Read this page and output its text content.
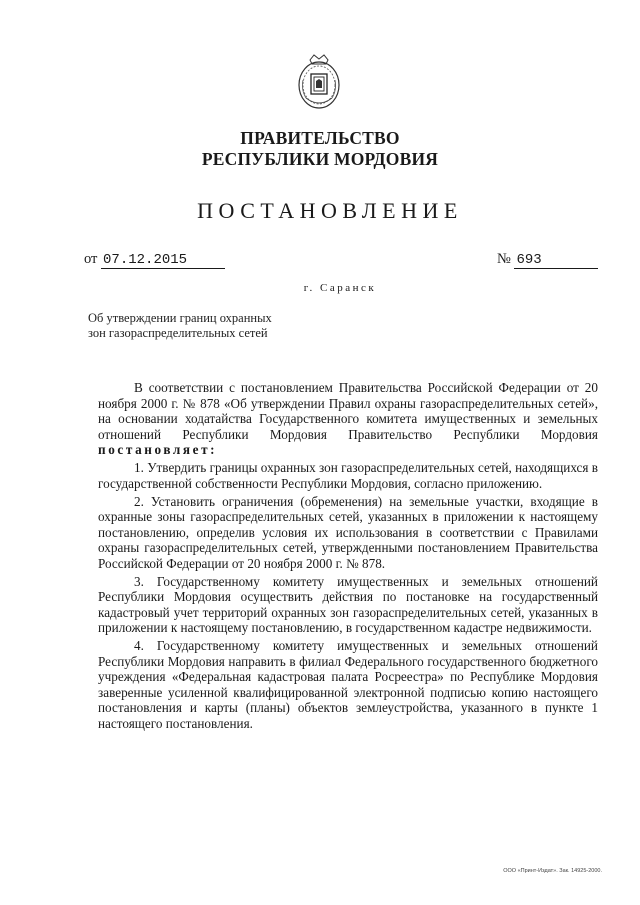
ПРАВИТЕЛЬСТВО
РЕСПУБЛИКИ МОРДОВИЯ
ПОСТАНОВЛЕНИЕ
от 07.12.2015	№ 693
г. Саранск
Об утверждении границ охранных
зон газораспределительных сетей

В соответствии с постановлением Правительства Российской Федерации от 20 ноября 2000 г. № 878 «Об утверждении Правил охраны газораспределительных сетей», на основании ходатайства Государственного комитета имущественных и земельных отношений Республики Мордовия Правительство Республики Мордовия постановляет:

1. Утвердить границы охранных зон газораспределительных сетей, находящихся в государственной собственности Республики Мордовия, согласно приложению.

2. Установить ограничения (обременения) на земельные участки, входящие в охранные зоны газораспределительных сетей, указанных в приложении к настоящему постановлению, определив условия их использования в соответствии с Правилами охраны газораспределительных сетей, утвержденными постановлением Правительства Российской Федерации от 20 ноября 2000 г. № 878.

3. Государственному комитету имущественных и земельных отношений Республики Мордовия осуществить действия по постановке на государственный кадастровый учет территорий охранных зон газораспределительных сетей, указанных в приложении к настоящему постановлению, в государственном кадастре недвижимости.

4. Государственному комитету имущественных и земельных отношений Республики Мордовия направить в филиал Федерального государственного бюджетного учреждения «Федеральная кадастровая палата Росреестра» по Республике Мордовия заверенные усиленной квалифицированной электронной подписью копию настоящего постановления и карты (планы) объектов землеустройства, указанного в пункте 1 настоящего постановления.

ООО «Принт-Издат». Зак. 14925-2000.
